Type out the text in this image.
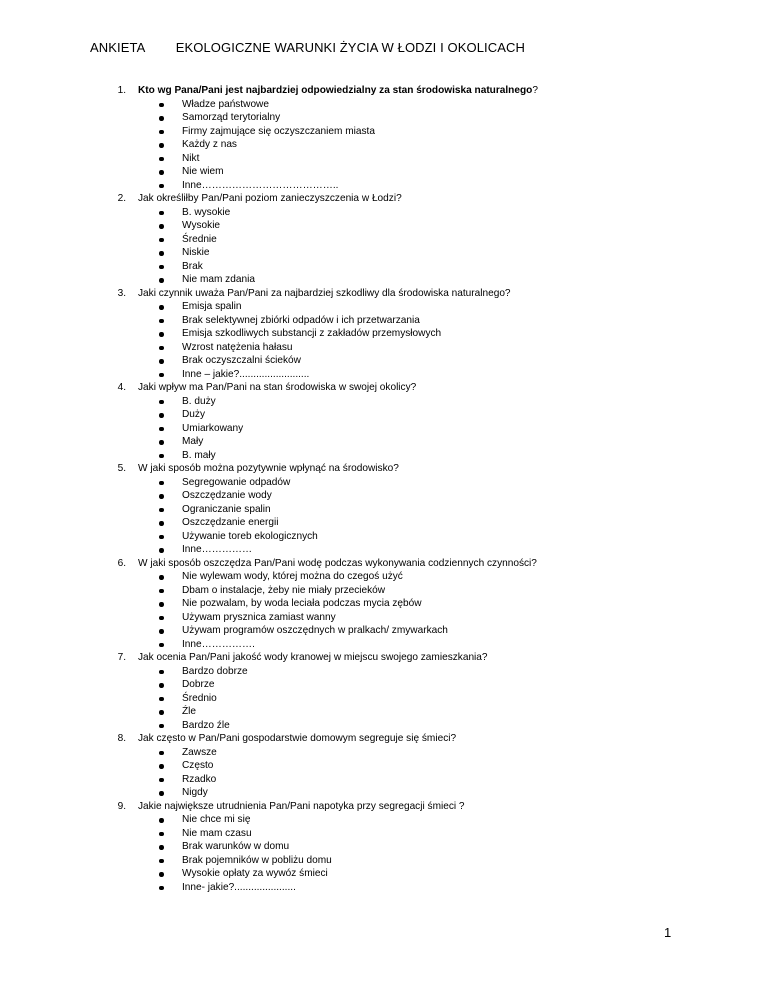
ANKIETA EKOLOGICZNE WARUNKI ŻYCIA W ŁODZI I OKOLICACH
1. Kto wg Pana/Pani jest najbardziej odpowiedzialny za stan środowiska naturalnego?
Władze państwowe
Samorząd terytorialny
Firmy zajmujące się oczyszczaniem miasta
Każdy z nas
Nikt
Nie wiem
Inne…………………………………..
2. Jak określiłby Pan/Pani poziom zanieczyszczenia w Łodzi?
B. wysokie
Wysokie
Średnie
Niskie
Brak
Nie mam zdania
3. Jaki czynnik uważa Pan/Pani za najbardziej szkodliwy dla środowiska naturalnego?
Emisja spalin
Brak selektywnej zbiórki odpadów i ich przetwarzania
Emisja szkodliwych substancji z zakładów przemysłowych
Wzrost natężenia hałasu
Brak oczyszczalni ścieków
Inne – jakie?.........................
4. Jaki wpływ ma Pan/Pani na stan środowiska w swojej okolicy?
B. duży
Duży
Umiarkowany
Mały
B. mały
5. W jaki sposób można pozytywnie wpłynąć na środowisko?
Segregowanie odpadów
Oszczędzanie wody
Ograniczanie spalin
Oszczędzanie energii
Używanie toreb ekologicznych
Inne……………
6. W jaki sposób oszczędza Pan/Pani wodę podczas wykonywania codziennych czynności?
Nie wylewam wody, której można do czegoś użyć
Dbam o instalacje, żeby nie miały przecieków
Nie pozwalam, by woda leciała podczas mycia zębów
Używam prysznica zamiast wanny
Używam programów oszczędnych w pralkach/ zmywarkach
Inne…………….
7. Jak ocenia Pan/Pani jakość wody kranowej w miejscu swojego zamieszkania?
Bardzo dobrze
Dobrze
Średnio
Źle
Bardzo źle
8. Jak często w Pan/Pani gospodarstwie domowym segreguje się śmieci?
Zawsze
Często
Rzadko
Nigdy
9. Jakie największe utrudnienia Pan/Pani napotyka przy segregacji śmieci ?
Nie chce mi się
Nie mam czasu
Brak warunków w domu
Brak pojemników w pobliżu domu
Wysokie opłaty za wywóz śmieci
Inne- jakie?......................
1
